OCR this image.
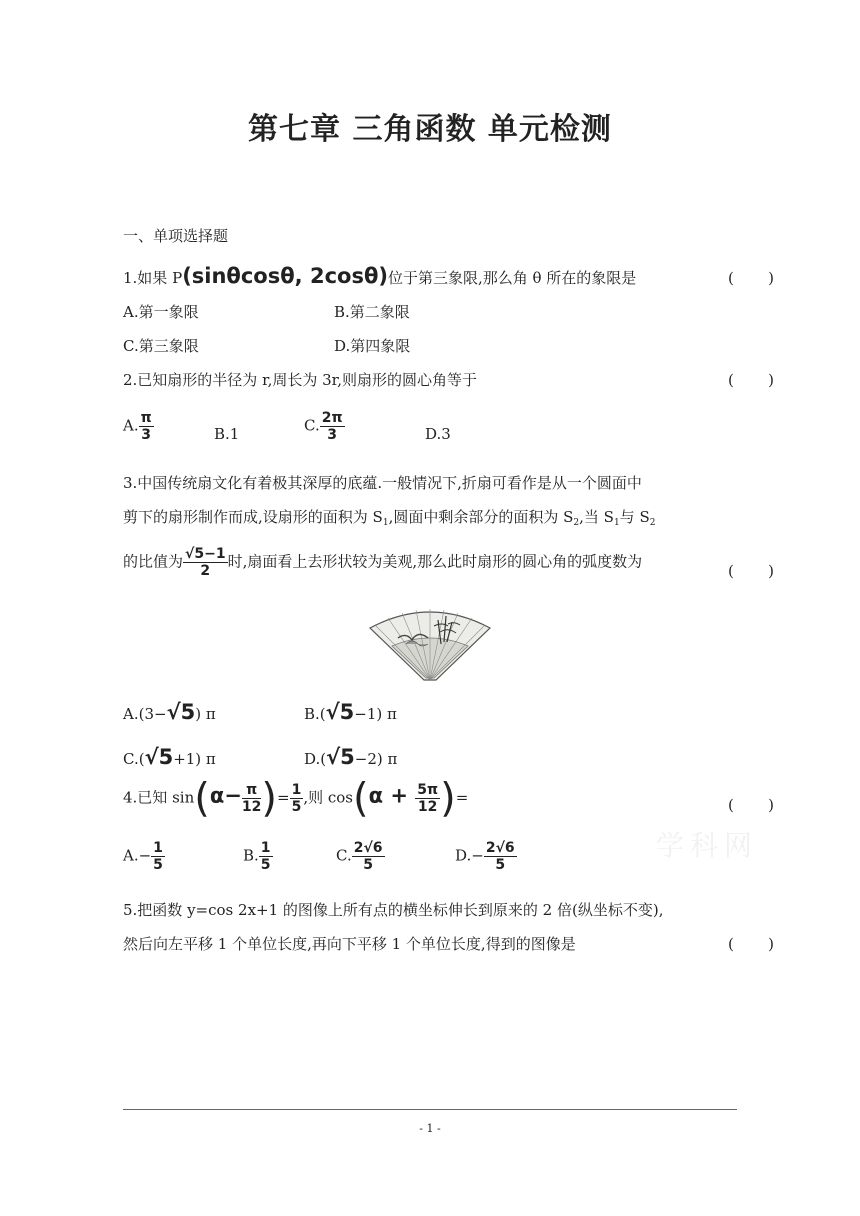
第七章 三角函数 单元检测
一、单项选择题
1.如果 P(sinθcosθ, 2cosθ)位于第三象限,那么角 θ 所在的象限是	( )
A.第一象限	B.第二象限
C.第三象限	D.第四象限
2.已知扇形的半径为 r,周长为 3r,则扇形的圆心角等于	( )
A. $\frac{\pi}{3}$	B.1	C. $\frac{2\pi}{3}$	D.3
3.中国传统扇文化有着极其深厚的底蕴.一般情况下,折扇可看作是从一个圆面中
剪下的扇形制作而成,设扇形的面积为 $S_1$,圆面中剩余部分的面积为 $S_2$,当 $S_1$与 $S_2$
的比值为 $\frac{√5-1}{2}$ 时,扇面看上去形状较为美观,那么此时扇形的圆心角的弧度数为
( )
A.(3−√5) π	B.(√5−1) π
C.(√5+1) π	D.(√5−2) π
4.已知 $\sin(\alpha- \frac{\pi}{12}$ )= $\frac{1}{5}$ ,则 $\cos(\alpha + \frac{5\pi}{12}$ )=	( )
学科网
$A.- \frac{1}{5}$	B. $\frac{1}{5}$	C. $\frac{2√6}{5}$	$D.- \frac{2√6}{5}$
5.把函数 y=cos 2x+1 的图像上所有点的横坐标伸长到原来的 2 倍(纵坐标不变),
然后向左平移 1 个单位长度,再向下平移 1 个单位长度,得到的图像是	( )
- 1 -
